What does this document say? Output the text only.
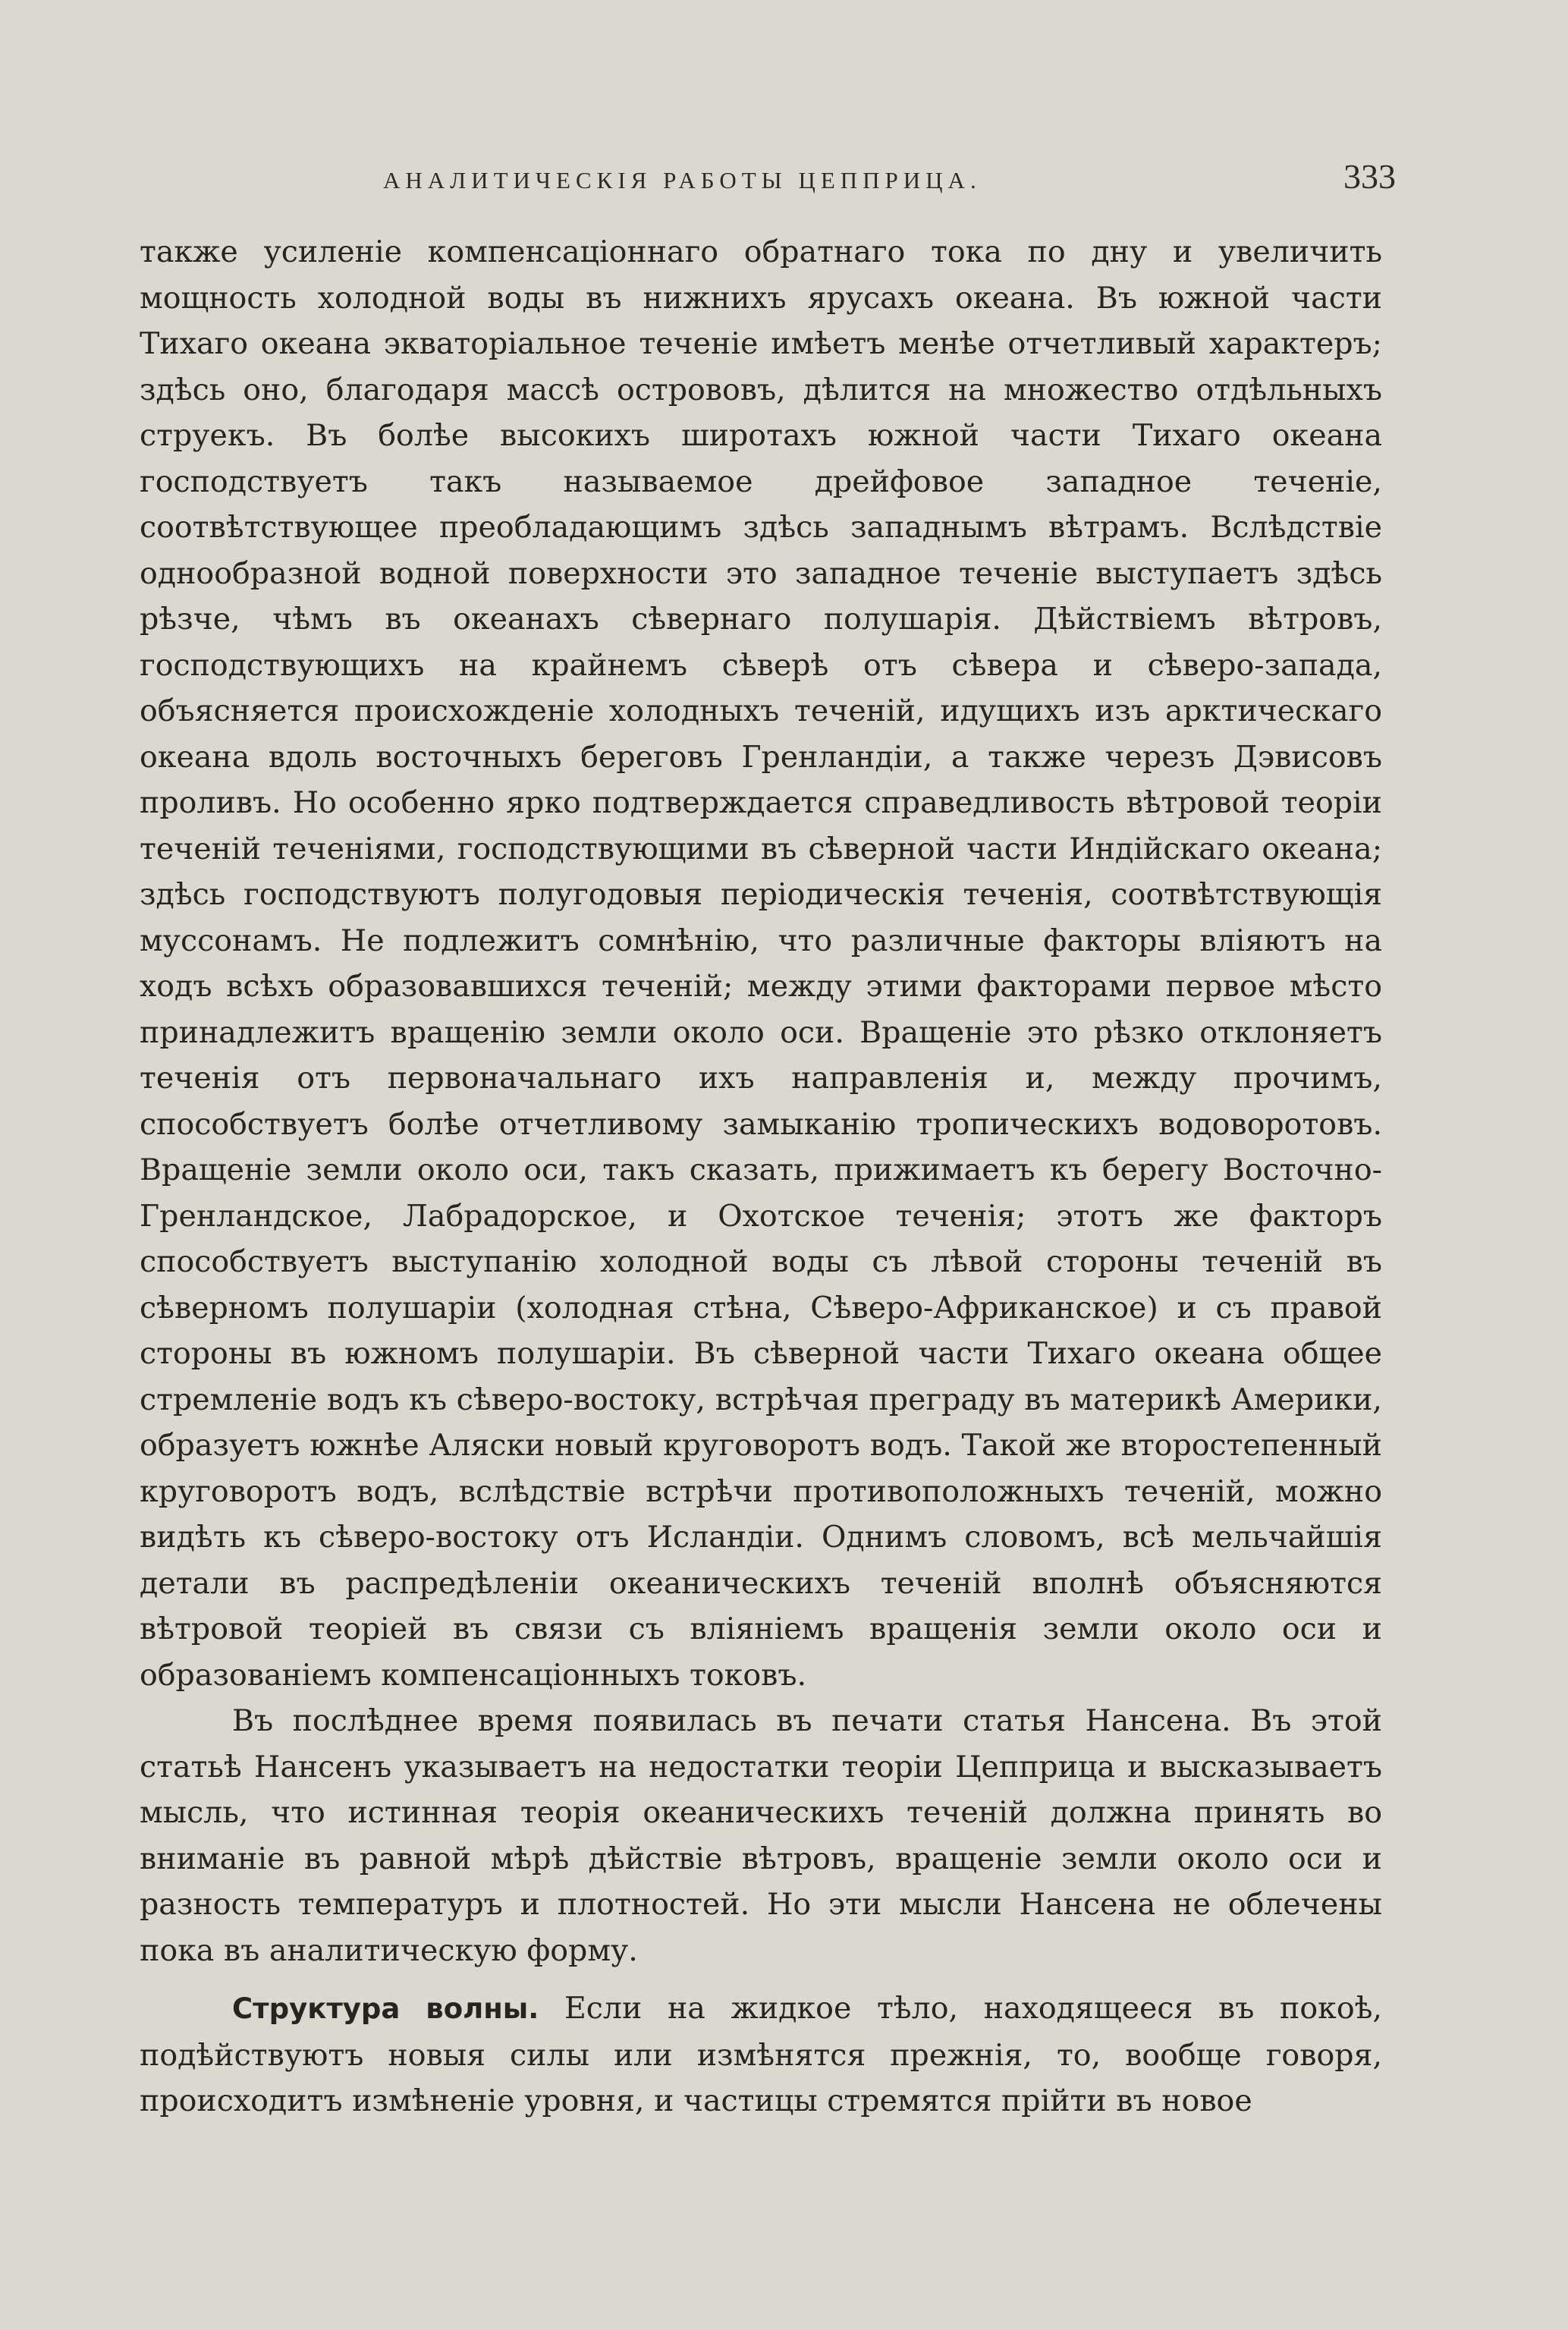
АНАЛИТИЧЕСКІЯ РАБОТЫ ЦЕППРИЦА.	333

также усиленіе компенсаціоннаго обратнаго тока по дну и увеличить мощность холодной воды въ нижнихъ ярусахъ океана. Въ южной части Тихаго океана экваторіальное теченіе имѣетъ менѣе отчетливый характеръ; здѣсь оно, благодаря массѣ острововъ, дѣлится на множество отдѣльныхъ струекъ. Въ болѣе высокихъ широтахъ южной части Тихаго океана господствуетъ такъ называемое дрейфовое западное теченіе, соотвѣтствующее преобладающимъ здѣсь западнымъ вѣтрамъ. Вслѣдствіе однообразной водной поверхности это западное теченіе выступаетъ здѣсь рѣзче, чѣмъ въ океанахъ сѣвернаго полушарія. Дѣйствіемъ вѣтровъ, господствующихъ на крайнемъ сѣверѣ отъ сѣвера и сѣверо-запада, объясняется происхожденіе холодныхъ теченій, идущихъ изъ арктическаго океана вдоль восточныхъ береговъ Гренландіи, а также черезъ Дэвисовъ проливъ. Но особенно ярко подтверждается справедливость вѣтровой теоріи теченій теченіями, господствующими въ сѣверной части Индійскаго океана; здѣсь господствуютъ полугодовыя періодическія теченія, соотвѣтствующія муссонамъ. Не подлежитъ сомнѣнію, что различные факторы вліяютъ на ходъ всѣхъ образовавшихся теченій; между этими факторами первое мѣсто принадлежитъ вращенію земли около оси. Вращеніе это рѣзко отклоняетъ теченія отъ первоначальнаго ихъ направленія и, между прочимъ, способствуетъ болѣе отчетливому замыканію тропическихъ водоворотовъ. Вращеніе земли около оси, такъ сказать, прижимаетъ къ берегу Восточно-Гренландское, Лабрадорское, и Охотское теченія; этотъ же факторъ способствуетъ выступанію холодной воды съ лѣвой стороны теченій въ сѣверномъ полушаріи (холодная стѣна, Сѣверо-Африканское) и съ правой стороны въ южномъ полушаріи. Въ сѣверной части Тихаго океана общее стремленіе водъ къ сѣверо-востоку, встрѣчая преграду въ материкѣ Америки, образуетъ южнѣе Аляски новый круговоротъ водъ. Такой же второстепенный круговоротъ водъ, вслѣдствіе встрѣчи противоположныхъ теченій, можно видѣть къ сѣверо-востоку отъ Исландіи. Однимъ словомъ, всѣ мельчайшія детали въ распредѣленіи океаническихъ теченій вполнѣ объясняются вѣтровой теоріей въ связи съ вліяніемъ вращенія земли около оси и образованіемъ компенсаціонныхъ токовъ.

Въ послѣднее время появилась въ печати статья Нансена. Въ этой статьѣ Нансенъ указываетъ на недостатки теоріи Цепприца и высказываетъ мысль, что истинная теорія океаническихъ теченій должна принять во вниманіе въ равной мѣрѣ дѣйствіе вѣтровъ, вращеніе земли около оси и разность температуръ и плотностей. Но эти мысли Нансена не облечены пока въ аналитическую форму.

Структура волны. Если на жидкое тѣло, находящееся въ покоѣ, подѣйствуютъ новыя силы или измѣнятся прежнія, то, вообще говоря, происходитъ измѣненіе уровня, и частицы стремятся прійти въ новое
